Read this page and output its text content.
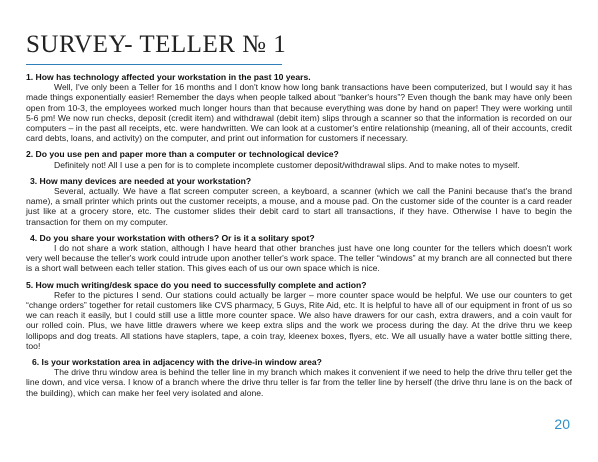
SURVEY- TELLER № 1

1. How has technology affected your workstation in the past 10 years.

Well, I've only been a Teller for 16 months and I don't know how long bank transactions have been computerized, but I would say it has made things exponentially easier! Remember the days when people talked about “banker's hours”? Even though the bank may have only been open from 10-3, the employees worked much longer hours than that because everything was done by hand on paper! They were working until 5-6 pm! We now run checks, deposit (credit item) and withdrawal (debit item) slips through a scanner so that the information is recorded on our computers – in the past all receipts, etc. were handwritten. We can look at a customer's entire relationship (meaning, all of their accounts, credit card debts, loans, and activity) on the computer, and print out information for customers if necessary.

2. Do you use pen and paper more than a computer or technological device?

Definitely not! All I use a pen for is to complete incomplete customer deposit/withdrawal slips. And to make notes to myself.

3. How many devices are needed at your workstation?

Several, actually. We have a flat screen computer screen, a keyboard, a scanner (which we call the Panini because that's the brand name), a small printer which prints out the customer receipts, a mouse, and a mouse pad. On the customer side of the counter is a card reader just like at a grocery store, etc. The customer slides their debit card to start all transactions, if they have. Otherwise I have to begin the transaction for them on my computer.

4. Do you share your workstation with others? Or is it a solitary spot?

I do not share a work station, although I have heard that other branches just have one long counter for the tellers which doesn't work very well because the teller's work could intrude upon another teller's work space. The teller “windows” at my branch are all connected but there is a short wall between each teller station. This gives each of us our own space which is nice.

5. How much writing/desk space do you need to successfully complete and action?

Refer to the pictures I send. Our stations could actually be larger – more counter space would be helpful. We use our counters to get “change orders” together for retail customers like CVS pharmacy, 5 Guys, Rite Aid, etc. It is helpful to have all of our equipment in front of us so we can reach it easily, but I could still use a little more counter space. We also have drawers for our cash, extra drawers, and a coin vault for our rolled coin. Plus, we have little drawers where we keep extra slips and the work we process during the day. At the drive thru we keep lollipops and dog treats. All stations have staplers, tape, a coin tray, kleenex boxes, flyers, etc. We all usually have a water bottle sitting there, too!

6. Is your workstation area in adjacency with the drive-in window area?

The drive thru window area is behind the teller line in my branch which makes it convenient if we need to help the drive thru teller get the line down, and vice versa. I know of a branch where the drive thru teller is far from the teller line by herself (the drive thru lane is on the back of the building), which can make her feel very isolated and alone.

20
